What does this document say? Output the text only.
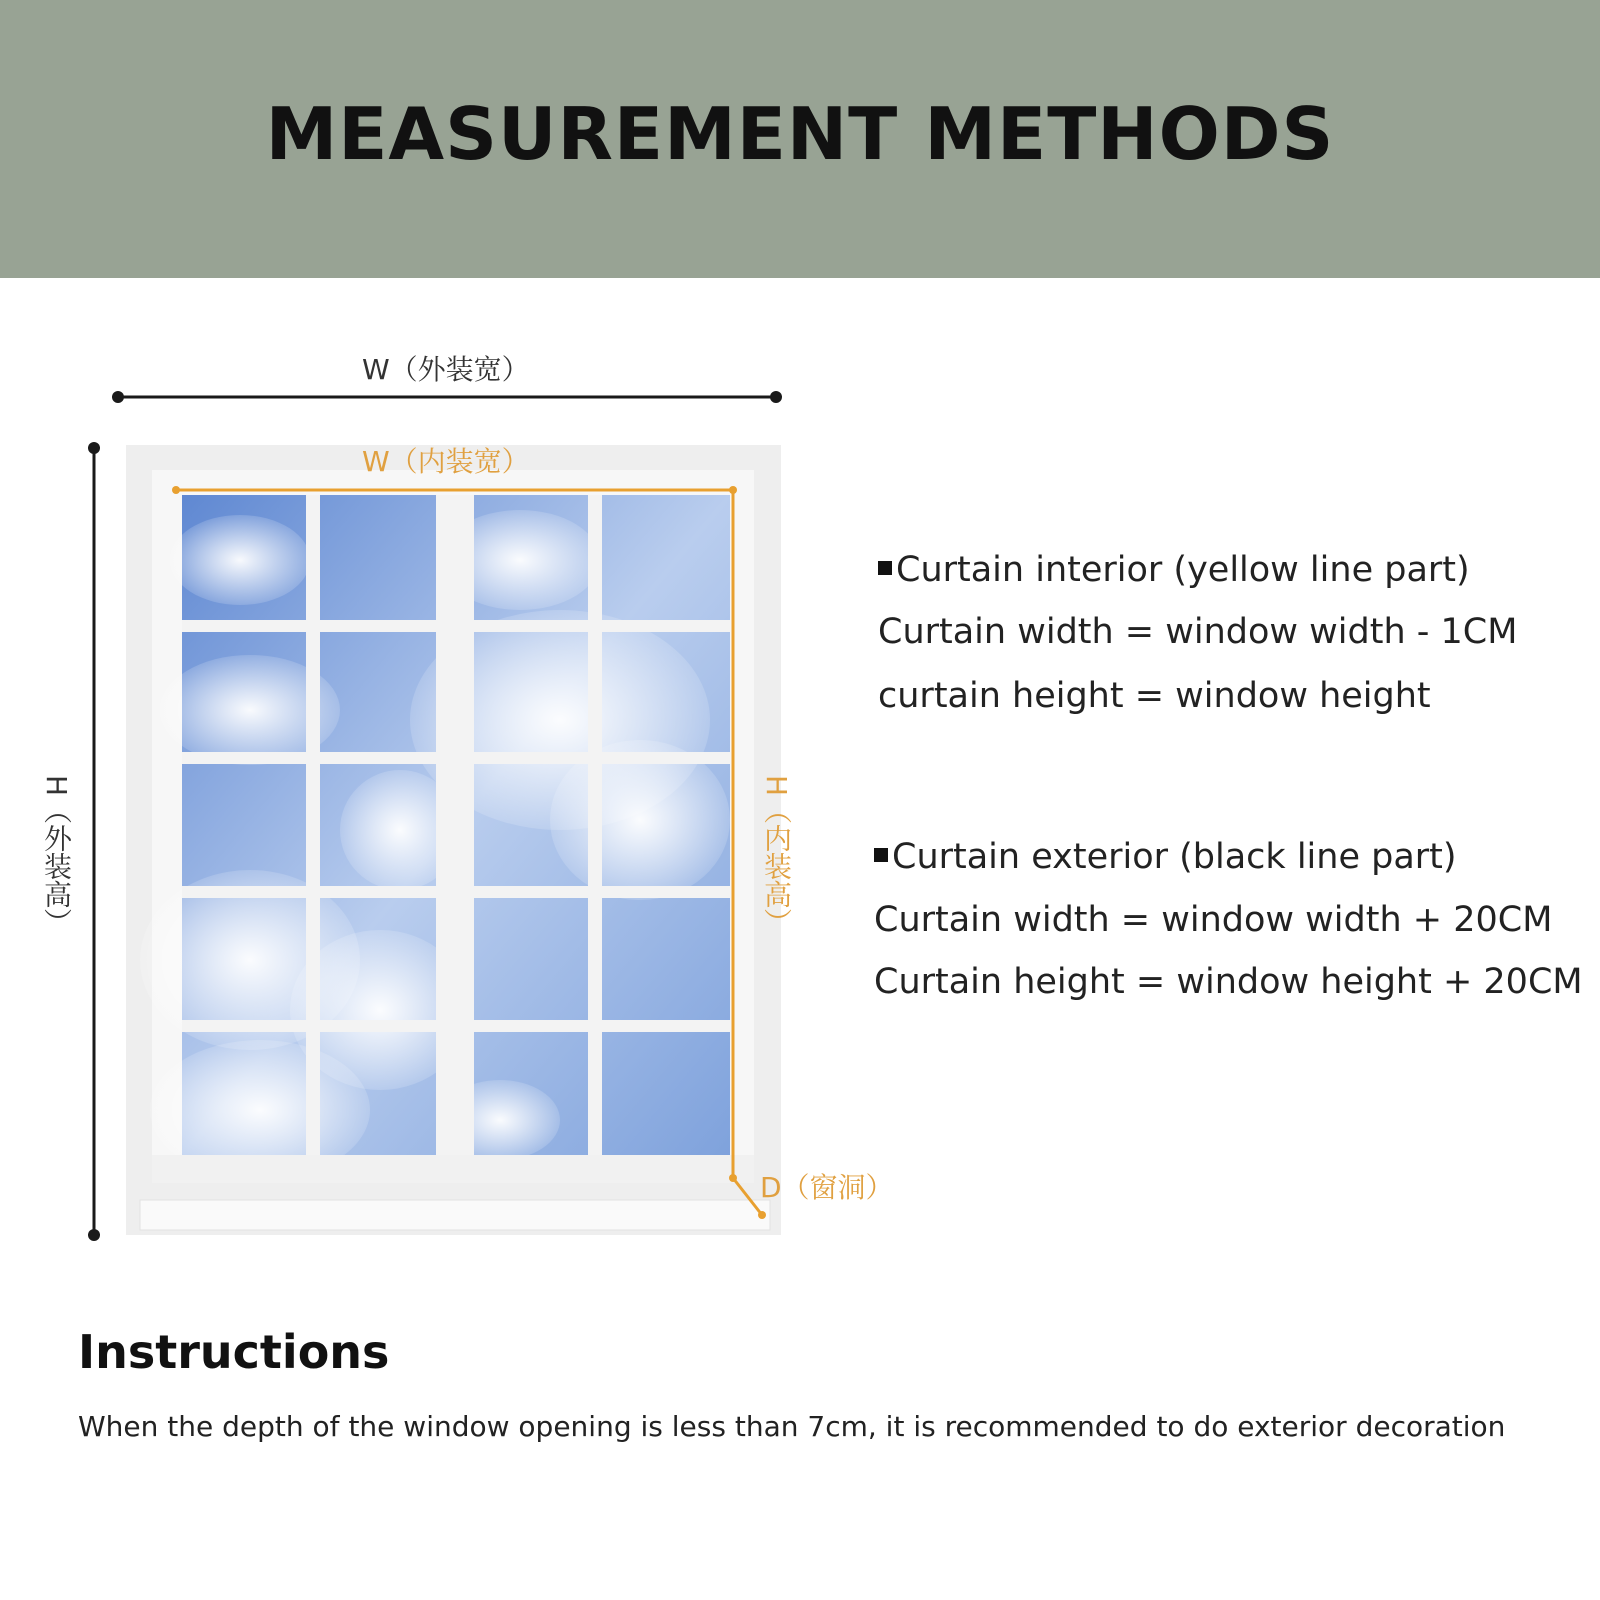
MEASUREMENT METHODS
W（外装宽）
W（内装宽）
H（外装高）	H（内装高）
D（窗洞）
Curtain interior (yellow line part)
Curtain width = window width - 1CM
curtain height = window height
Curtain exterior (black line part)
Curtain width = window width + 20CM
Curtain height = window height + 20CM
Instructions
When the depth of the window opening is less than 7cm, it is recommended to do exterior decoration
